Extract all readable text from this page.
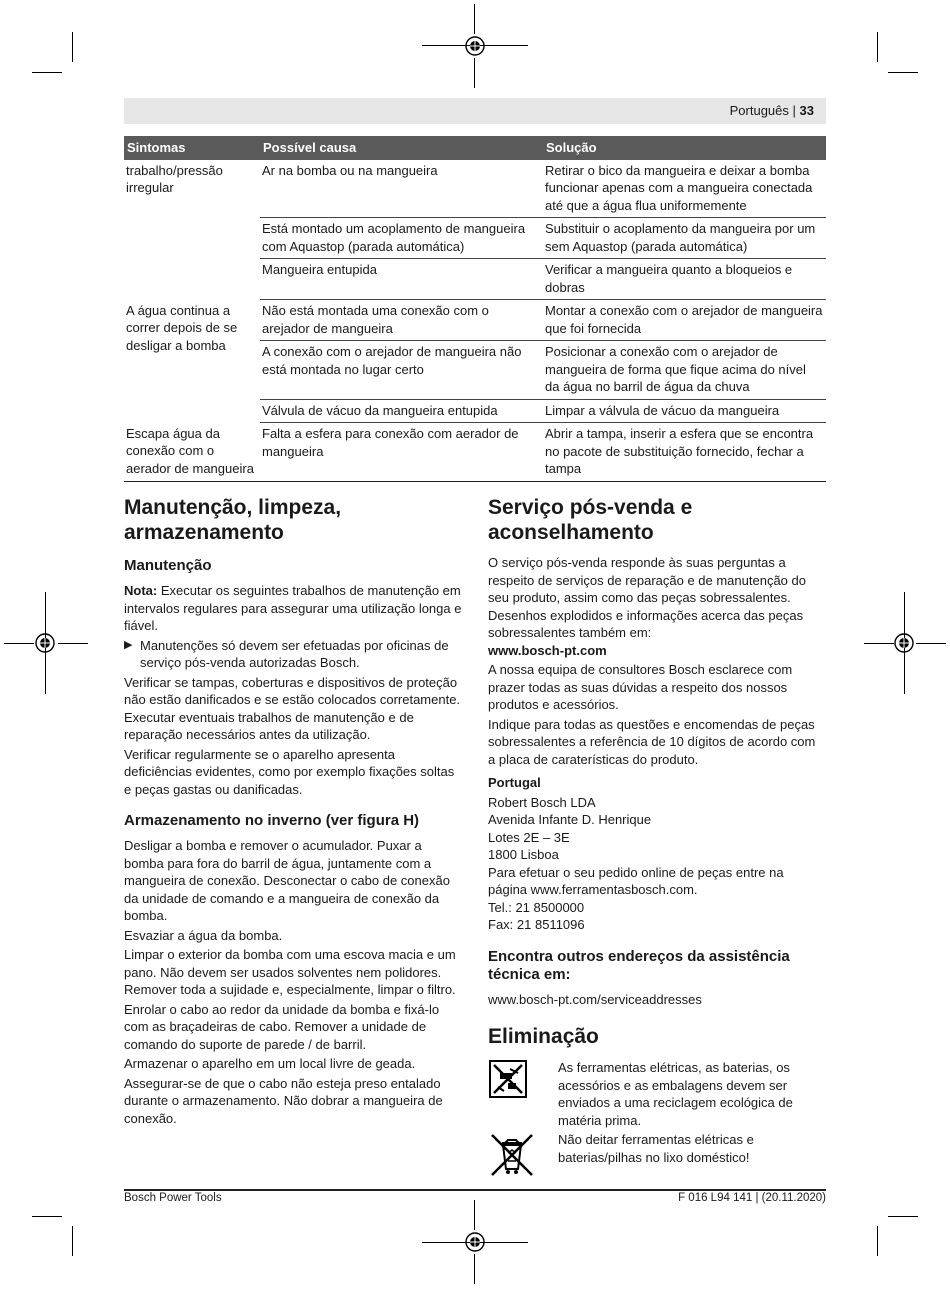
Português | 33
Sintomas	Possível causa	Solução
trabalho/pressão irregular	Ar na bomba ou na mangueira	Retirar o bico da mangueira e deixar a bomba funcionar apenas com a mangueira conectada até que a água flua uniformemente
	Está montado um acoplamento de mangueira com Aquastop (parada automática)	Substituir o acoplamento da mangueira por um sem Aquastop (parada automática)
	Mangueira entupida	Verificar a mangueira quanto a bloqueios e dobras
A água continua a correr depois de se desligar a bomba	Não está montada uma conexão com o arejador de mangueira	Montar a conexão com o arejador de mangueira que foi fornecida
	A conexão com o arejador de mangueira não está montada no lugar certo	Posicionar a conexão com o arejador de mangueira de forma que fique acima do nível da água no barril de água da chuva
	Válvula de vácuo da mangueira entupida	Limpar a válvula de vácuo da mangueira
Escapa água da conexão com o aerador de mangueira	Falta a esfera para conexão com aerador de mangueira	Abrir a tampa, inserir a esfera que se encontra no pacote de substituição fornecido, fechar a tampa
Manutenção, limpeza, armazenamento
Manutenção

Nota: Executar os seguintes trabalhos de manutenção em intervalos regulares para assegurar uma utilização longa e fiável.

▶ Manutenções só devem ser efetuadas por oficinas de serviço pós-venda autorizadas Bosch.

Verificar se tampas, coberturas e dispositivos de proteção não estão danificados e se estão colocados corretamente. Executar eventuais trabalhos de manutenção e de reparação necessários antes da utilização.

Verificar regularmente se o aparelho apresenta deficiências evidentes, como por exemplo fixações soltas e peças gastas ou danificadas.

Armazenamento no inverno (ver figura H)

Desligar a bomba e remover o acumulador. Puxar a bomba para fora do barril de água, juntamente com a mangueira de conexão. Desconectar o cabo de conexão da unidade de comando e a mangueira de conexão da bomba.

Esvaziar a água da bomba.

Limpar o exterior da bomba com uma escova macia e um pano. Não devem ser usados solventes nem polidores. Remover toda a sujidade e, especialmente, limpar o filtro.

Enrolar o cabo ao redor da unidade da bomba e fixá-lo com as braçadeiras de cabo. Remover a unidade de comando do suporte de parede / de barril.

Armazenar o aparelho em um local livre de geada.

Assegurar-se de que o cabo não esteja preso entalado durante o armazenamento. Não dobrar a mangueira de conexão.

Serviço pós-venda e aconselhamento

O serviço pós-venda responde às suas perguntas a respeito de serviços de reparação e de manutenção do seu produto, assim como das peças sobressalentes. Desenhos explodidos e informações acerca das peças sobressalentes também em:

www.bosch-pt.com

A nossa equipa de consultores Bosch esclarece com prazer todas as suas dúvidas a respeito dos nossos produtos e acessórios.

Indique para todas as questões e encomendas de peças sobressalentes a referência de 10 dígitos de acordo com a placa de caraterísticas do produto.

Portugal

Robert Bosch LDA

Avenida Infante D. Henrique

Lotes 2E – 3E

1800 Lisboa

Para efetuar o seu pedido online de peças entre na página www.ferramentasbosch.com.

Tel.: 21 8500000

Fax: 21 8511096

Encontra outros endereços da assistência técnica em:

www.bosch-pt.com/serviceaddresses

Eliminação
As ferramentas elétricas, as baterias, os acessórios e as embalagens devem ser enviados a uma reciclagem ecológica de matéria prima.
Não deitar ferramentas elétricas e baterias/pilhas no lixo doméstico!
Bosch Power Tools	F 016 L94 141 | (20.11.2020)
